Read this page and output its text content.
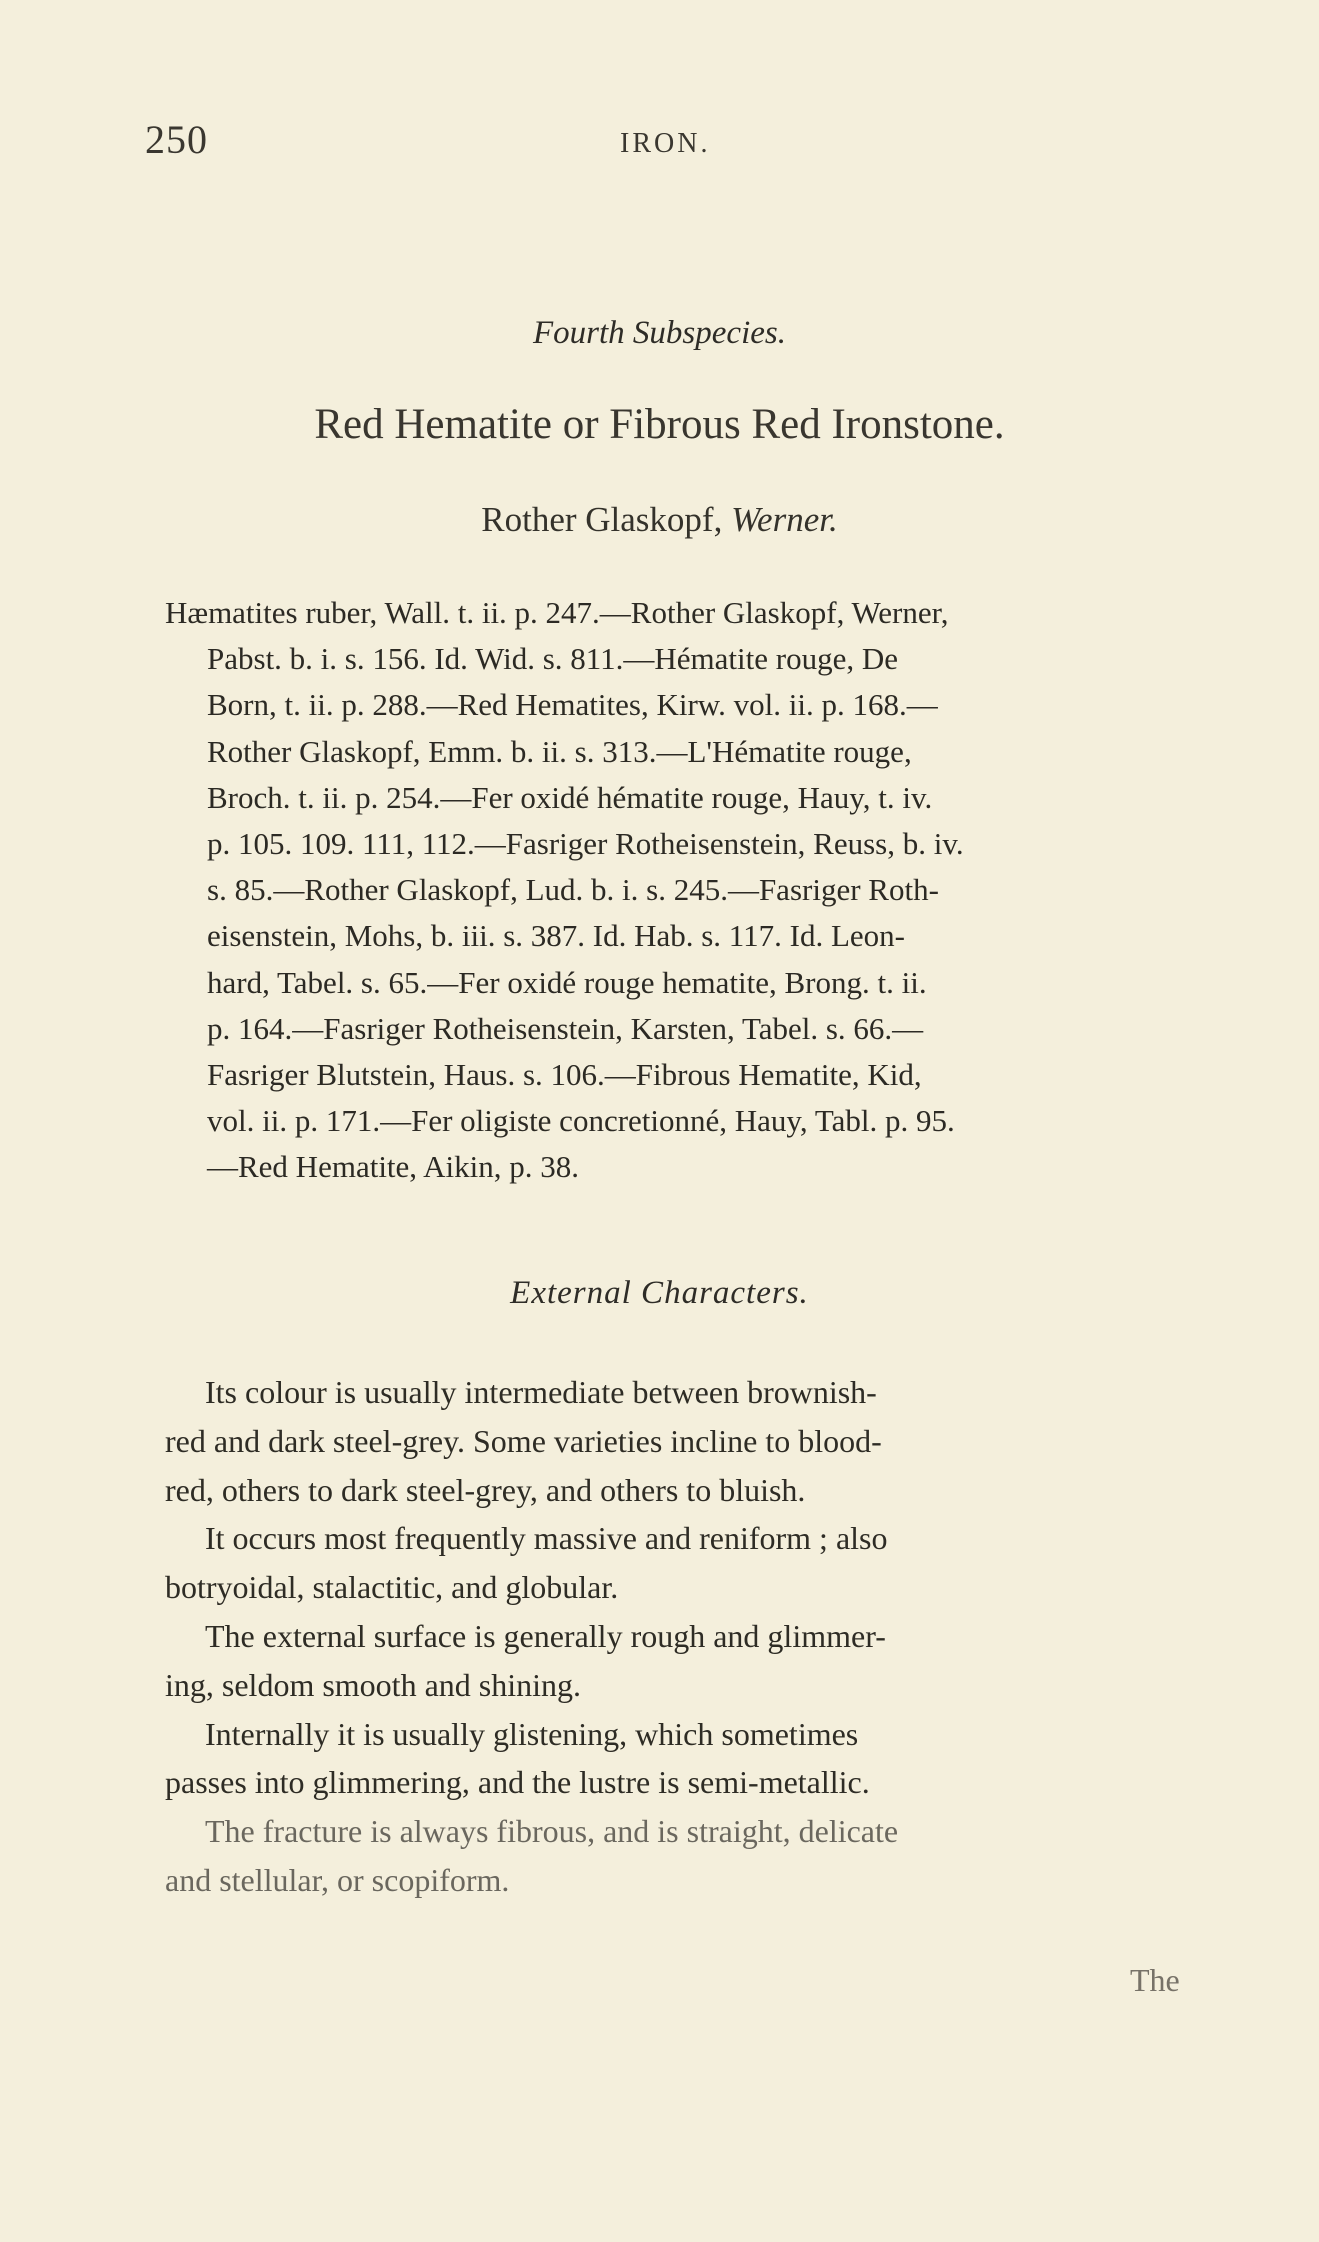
250	IRON.
Fourth Subspecies.
Red Hematite or Fibrous Red Ironstone.
Rother Glaskopf, Werner.

Hæmatites ruber, Wall. t. ii. p. 247.—Rother Glaskopf, Werner,

Pabst. b. i. s. 156. Id. Wid. s. 811.—Hématite rouge, De

Born, t. ii. p. 288.—Red Hematites, Kirw. vol. ii. p. 168.—

Rother Glaskopf, Emm. b. ii. s. 313.—L'Hématite rouge,

Broch. t. ii. p. 254.—Fer oxidé hématite rouge, Hauy, t. iv.

p. 105. 109. 111, 112.—Fasriger Rotheisenstein, Reuss, b. iv.

s. 85.—Rother Glaskopf, Lud. b. i. s. 245.—Fasriger Roth-

eisenstein, Mohs, b. iii. s. 387. Id. Hab. s. 117. Id. Leon-

hard, Tabel. s. 65.—Fer oxidé rouge hematite, Brong. t. ii.

p. 164.—Fasriger Rotheisenstein, Karsten, Tabel. s. 66.—

Fasriger Blutstein, Haus. s. 106.—Fibrous Hematite, Kid,

vol. ii. p. 171.—Fer oligiste concretionné, Hauy, Tabl. p. 95.

—Red Hematite, Aikin, p. 38.

External Characters.

Its colour is usually intermediate between brownish-

red and dark steel-grey. Some varieties incline to blood-

red, others to dark steel-grey, and others to bluish.

It occurs most frequently massive and reniform ; also

botryoidal, stalactitic, and globular.

The external surface is generally rough and glimmer-

ing, seldom smooth and shining.

Internally it is usually glistening, which sometimes

passes into glimmering, and the lustre is semi-metallic.

The fracture is always fibrous, and is straight, delicate

and stellular, or scopiform.

The
